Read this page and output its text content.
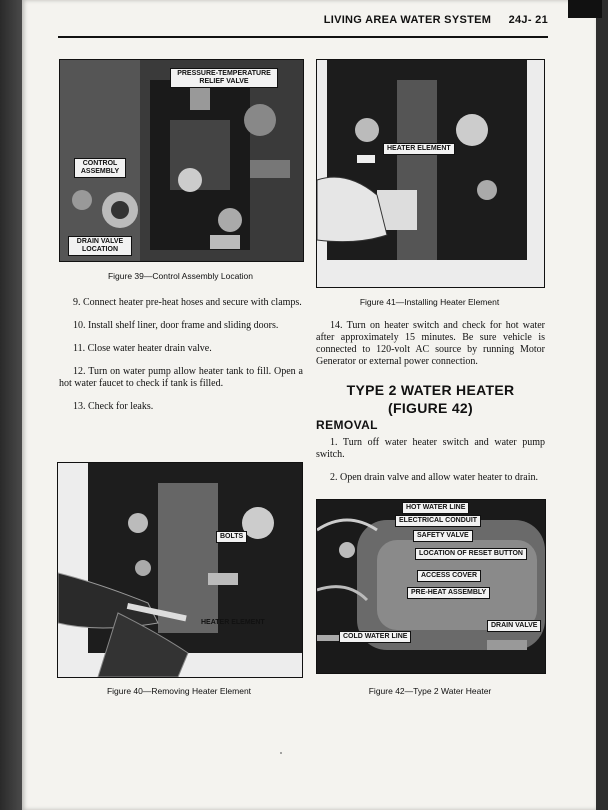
LIVING AREA WATER SYSTEM 24J- 21
PRESSURE-TEMPERATURE RELIEF VALVE
CONTROL ASSEMBLY
DRAIN VALVE LOCATION
Figure 39—Control Assembly Location
HEATER ELEMENT
Figure 41—Installing Heater Element

9. Connect heater pre-heat hoses and secure with clamps.

10. Install shelf liner, door frame and sliding doors.

11. Close water heater drain valve.

12. Turn on water pump allow heater tank to fill. Open a hot water faucet to check if tank is filled.

13. Check for leaks.

14. Turn on heater switch and check for hot water after approximately 15 minutes. Be sure vehicle is connected to 120-volt AC source by running Motor Generator or external power connection.

TYPE 2 WATER HEATER
(FIGURE 42)
REMOVAL

1. Turn off water heater switch and water pump switch.

2. Open drain valve and allow water heater to drain.

BOLTS
HEATER ELEMENT
Figure 40—Removing Heater Element
HOT WATER LINE
ELECTRICAL CONDUIT
SAFETY VALVE
LOCATION OF RESET BUTTON
ACCESS COVER
PRE-HEAT ASSEMBLY
DRAIN VALVE
COLD WATER LINE
Figure 42—Type 2 Water Heater
